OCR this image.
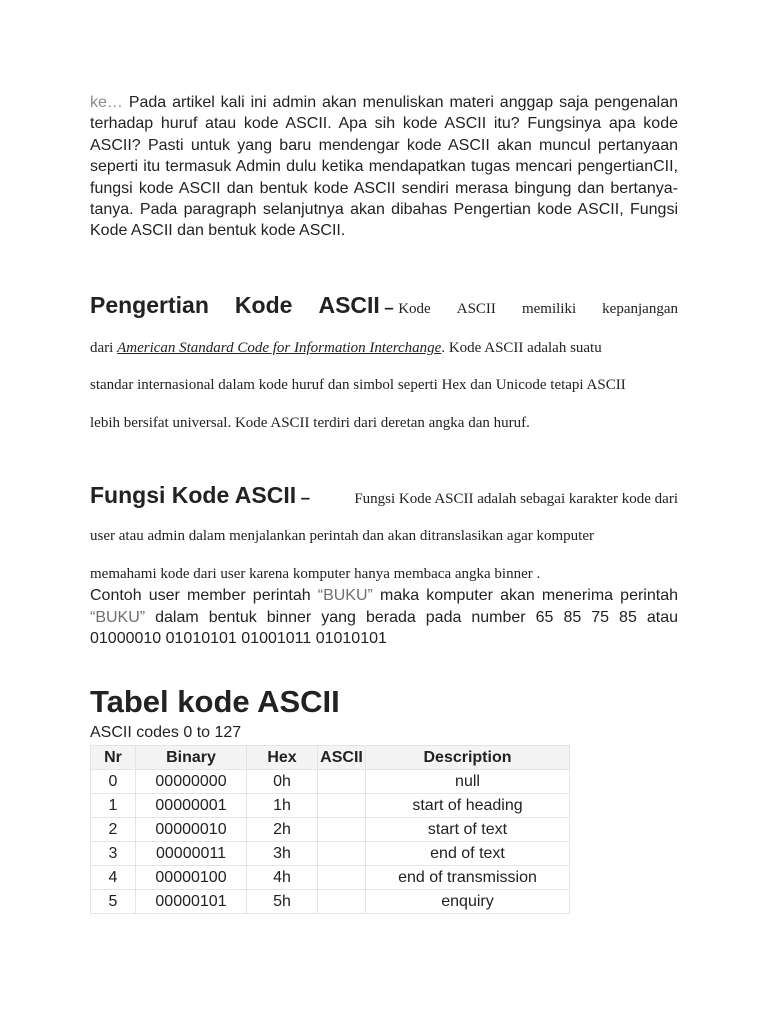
ke… Pada artikel kali ini admin akan menuliskan materi anggap saja pengenalan terhadap huruf atau kode ASCII. Apa sih kode ASCII itu? Fungsinya apa kode ASCII? Pasti untuk yang baru mendengar kode ASCII akan muncul pertanyaan seperti itu termasuk Admin dulu ketika mendapatkan tugas mencari pengertianCII, fungsi kode ASCII dan bentuk kode ASCII sendiri merasa bingung dan bertanya-tanya. Pada paragraph selanjutnya akan dibahas Pengertian kode ASCII, Fungsi Kode ASCII dan bentuk kode ASCII.
Pengertian Kode ASCII – Kode ASCII memiliki kepanjangan
dari American Standard Code for Information Interchange. Kode ASCII adalah suatu
standar internasional dalam kode huruf dan simbol seperti Hex dan Unicode tetapi ASCII
lebih bersifat universal. Kode ASCII terdiri dari deretan angka dan huruf.
Fungsi Kode ASCII –	Fungsi Kode ASCII adalah sebagai karakter kode dari
user atau admin dalam menjalankan perintah dan akan ditranslasikan agar komputer
memahami kode dari user karena komputer hanya membaca angka binner .
Contoh user member perintah “BUKU” maka komputer akan menerima perintah “BUKU” dalam bentuk binner yang berada pada number 65 85 75 85 atau 01000010 01010101 01001011 01010101
Tabel kode ASCII
ASCII codes 0 to 127
Nr	Binary	Hex	ASCII	Description
0	00000000	0h		null
1	00000001	1h		start of heading
2	00000010	2h		start of text
3	00000011	3h		end of text
4	00000100	4h		end of transmission
5	00000101	5h		enquiry
